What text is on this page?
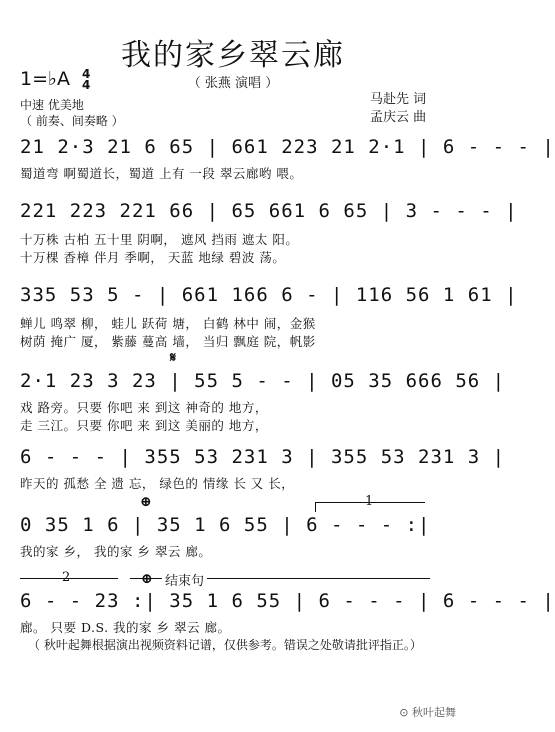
我的家乡翠云廊
（ 张燕 演唱 ）
1=♭A 4
4
中速 优美地
（ 前奏、间奏略 ）
马赴先 词
孟庆云 曲
21 2·3 21 6 65 | 661 223 21 2·1 | 6 - - - |
蜀道弯 啊蜀道长，蜀道 上有 一段 翠云廊哟 喂。
221 223 221 66 | 65 661 6 65 | 3 - - - |
十万株 古柏 五十里 阴啊， 遮风 挡雨 遮太 阳。
十万棵 香樟 伴月 季啊， 天蓝 地绿 碧波 荡。
335 53 5 - | 661 166 6 - | 116 56 1 61 |
蝉儿 鸣翠 柳， 蛙儿 跃荷 塘， 白鹤 林中 闹，金猴
树荫 掩广 厦， 紫藤 蔓高 墙， 当归 飘庭 院，帆影
𝄋
2·1 23 3 23 | 55 5 - - | 05 35 666 56 |
戏 路旁。只要 你吧 来 到这 神奇的 地方，
走 三江。只要 你吧 来 到这 美丽的 地方，
6 - - - | 355 53 231 3 | 355 53 231 3 |
昨天的 孤愁 全 遗 忘， 绿色的 情缘 长 又 长，
⊕	1
0 35 1 6 | 35 1 6 55 | 6 - - - :|
我的家 乡， 我的家 乡 翠云 廊。
2	结束句
⊕
6 - - 23 :| 35 1 6 55 | 6 - - - | 6 - - - |
廊。 只要 D.S. 我的家 乡 翠云 廊。
（ 秋叶起舞根据演出视频资料记谱，仅供参考。错误之处敬请批评指正。）
⊙ 秋叶起舞
